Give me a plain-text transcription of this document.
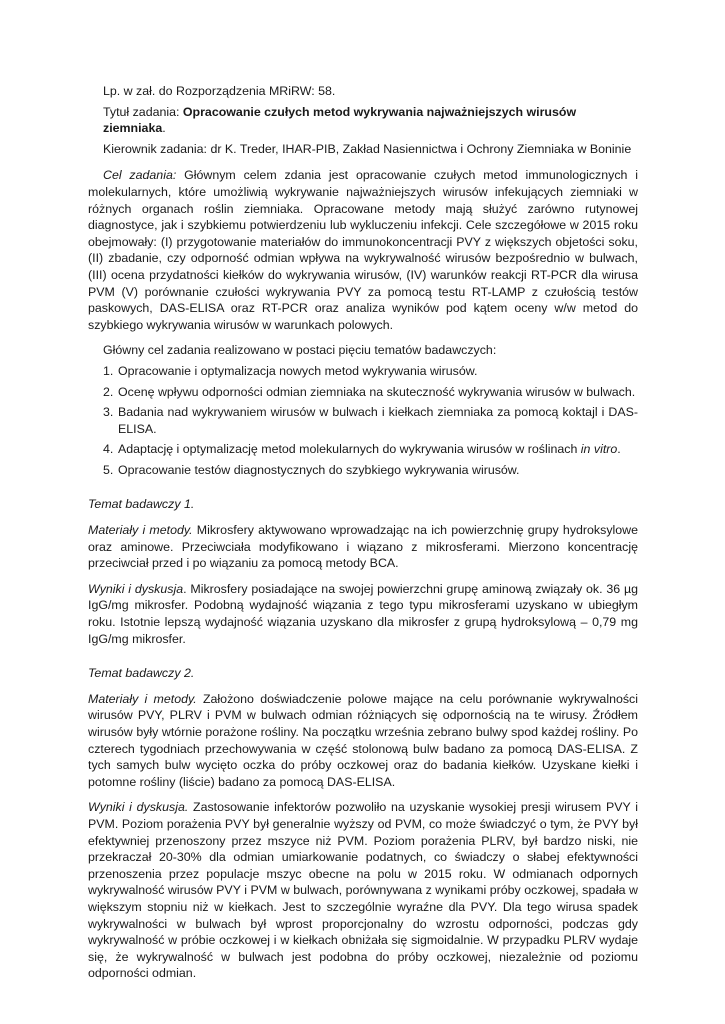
Lp. w zał. do Rozporządzenia MRiRW: 58.

Tytuł zadania: Opracowanie czułych metod wykrywania najważniejszych wirusów ziemniaka.

Kierownik zadania: dr K. Treder, IHAR-PIB, Zakład Nasiennictwa i Ochrony Ziemniaka w Boninie

Cel zadania: Głównym celem zdania jest opracowanie czułych metod immunologicznych i molekularnych, które umożliwią wykrywanie najważniejszych wirusów infekujących ziemniaki w różnych organach roślin ziemniaka. Opracowane metody mają służyć zarówno rutynowej diagnostyce, jak i szybkiemu potwierdzeniu lub wykluczeniu infekcji. Cele szczegółowe w 2015 roku obejmowały: (I) przygotowanie materiałów do immunokoncentracji PVY z większych objetości soku, (II) zbadanie, czy odporność odmian wpływa na wykrywalność wirusów bezpośrednio w bulwach, (III) ocena przydatności kiełków do wykrywania wirusów, (IV) warunków reakcji RT-PCR dla wirusa PVM (V) porównanie czułości wykrywania PVY za pomocą testu RT-LAMP z czułością testów paskowych, DAS-ELISA oraz RT-PCR oraz analiza wyników pod kątem oceny w/w metod do szybkiego wykrywania wirusów w warunkach polowych.

Główny cel zadania realizowano w postaci pięciu tematów badawczych:

1. Opracowanie i optymalizacja nowych metod wykrywania wirusów.
2. Ocenę wpływu odporności odmian ziemniaka na skuteczność wykrywania wirusów w bulwach.
3. Badania nad wykrywaniem wirusów w bulwach i kiełkach ziemniaka za pomocą koktajl i DAS-ELISA.
4. Adaptację i optymalizację metod molekularnych do wykrywania wirusów w roślinach in vitro.
5. Opracowanie testów diagnostycznych do szybkiego wykrywania wirusów.

Temat badawczy 1.

Materiały i metody. Mikrosfery aktywowano wprowadzając na ich powierzchnię grupy hydroksylowe oraz aminowe. Przeciwciała modyfikowano i wiązano z mikrosferami. Mierzono koncentrację przeciwciał przed i po wiązaniu za pomocą metody BCA.

Wyniki i dyskusja. Mikrosfery posiadające na swojej powierzchni grupę aminową związały ok. 36 µg IgG/mg mikrosfer. Podobną wydajność wiązania z tego typu mikrosferami uzyskano w ubiegłym roku. Istotnie lepszą wydajność wiązania uzyskano dla mikrosfer z grupą hydroksylową – 0,79 mg IgG/mg mikrosfer.

Temat badawczy 2.

Materiały i metody. Założono doświadczenie polowe mające na celu porównanie wykrywalności wirusów PVY, PLRV i PVM w bulwach odmian różniących się odpornością na te wirusy. Źródłem wirusów były wtórnie porażone rośliny. Na początku września zebrano bulwy spod każdej rośliny. Po czterech tygodniach przechowywania w część stolonową bulw badano za pomocą DAS-ELISA. Z tych samych bulw wycięto oczka do próby oczkowej oraz do badania kiełków. Uzyskane kiełki i potomne rośliny (liście) badano za pomocą DAS-ELISA.

Wyniki i dyskusja. Zastosowanie infektorów pozwoliło na uzyskanie wysokiej presji wirusem PVY i PVM. Poziom porażenia PVY był generalnie wyższy od PVM, co może świadczyć o tym, że PVY był efektywniej przenoszony przez mszyce niż PVM. Poziom porażenia PLRV, był bardzo niski, nie przekraczał 20-30% dla odmian umiarkowanie podatnych, co świadczy o słabej efektywności przenoszenia przez populacje mszyc obecne na polu w 2015 roku. W odmianach odpornych wykrywalność wirusów PVY i PVM w bulwach, porównywana z wynikami próby oczkowej, spadała w większym stopniu niż w kiełkach. Jest to szczególnie wyraźne dla PVY. Dla tego wirusa spadek wykrywalności w bulwach był wprost proporcjonalny do wzrostu odporności, podczas gdy wykrywalność w próbie oczkowej i w kiełkach obniżała się sigmoidalnie. W przypadku PLRV wydaje się, że wykrywalność w bulwach jest podobna do próby oczkowej, niezależnie od poziomu odporności odmian.
